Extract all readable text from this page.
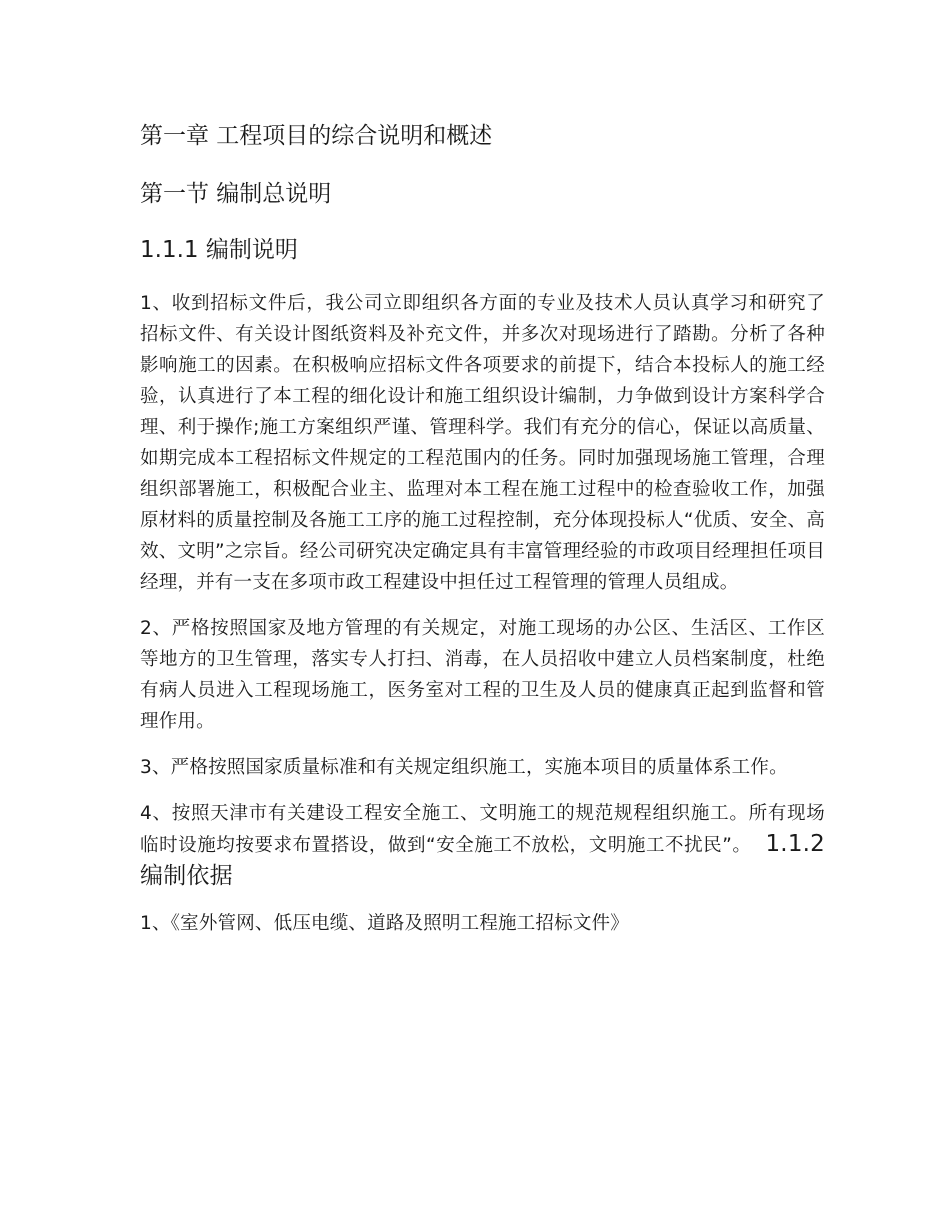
第一章 工程项目的综合说明和概述
第一节 编制总说明
1.1.1 编制说明

1、收到招标文件后，我公司立即组织各方面的专业及技术人员认真学习和研究了招标文件、有关设计图纸资料及补充文件，并多次对现场进行了踏勘。分析了各种影响施工的因素。在积极响应招标文件各项要求的前提下，结合本投标人的施工经验，认真进行了本工程的细化设计和施工组织设计编制，力争做到设计方案科学合理、利于操作;施工方案组织严谨、管理科学。我们有充分的信心，保证以高质量、如期完成本工程招标文件规定的工程范围内的任务。同时加强现场施工管理，合理组织部署施工，积极配合业主、监理对本工程在施工过程中的检查验收工作，加强原材料的质量控制及各施工工序的施工过程控制，充分体现投标人“优质、安全、高效、文明”之宗旨。经公司研究决定确定具有丰富管理经验的市政项目经理担任项目经理，并有一支在多项市政工程建设中担任过工程管理的管理人员组成。

2、严格按照国家及地方管理的有关规定，对施工现场的办公区、生活区、工作区等地方的卫生管理，落实专人打扫、消毒，在人员招收中建立人员档案制度，杜绝有病人员进入工程现场施工，医务室对工程的卫生及人员的健康真正起到监督和管理作用。

3、严格按照国家质量标准和有关规定组织施工，实施本项目的质量体系工作。

4、按照天津市有关建设工程安全施工、文明施工的规范规程组织施工。所有现场临时设施均按要求布置搭设，做到“安全施工不放松，文明施工不扰民”。 1.1.2 编制依据

1、《室外管网、低压电缆、道路及照明工程施工招标文件》
